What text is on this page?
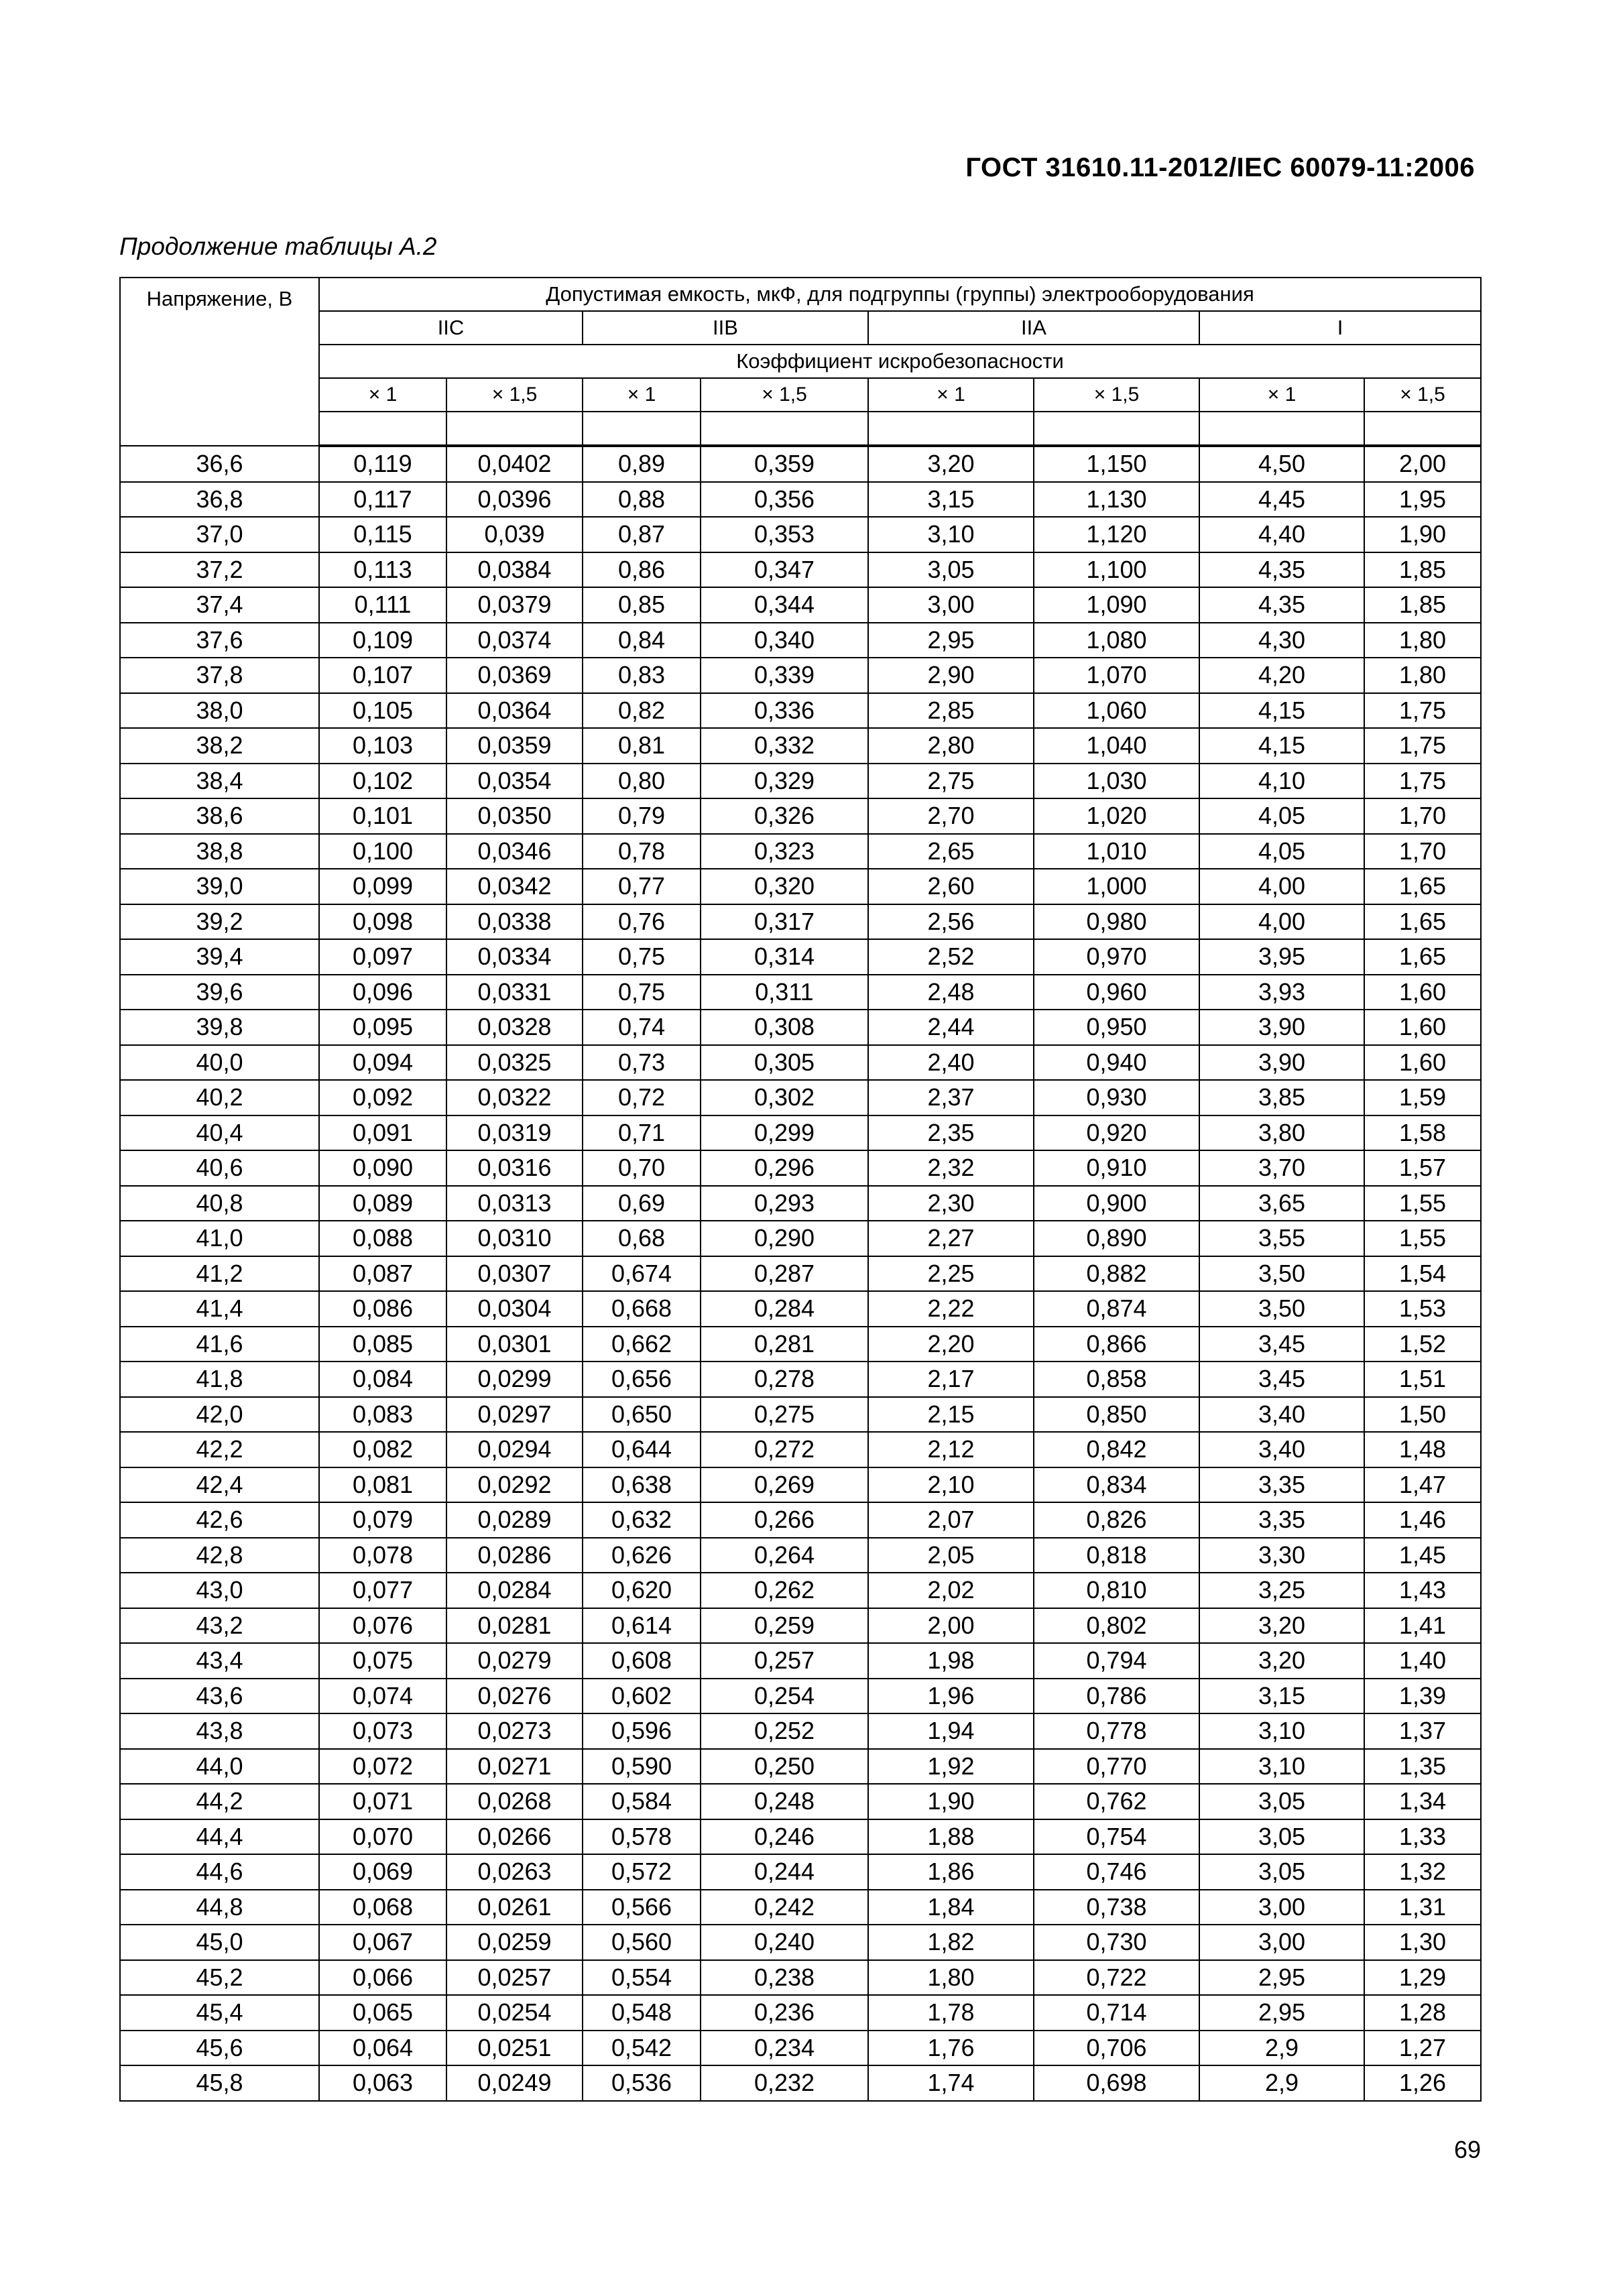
ГОСТ 31610.11-2012/IEC 60079-11:2006
Продолжение таблицы А.2
Напряжение, В	Допустимая емкость, мкФ, для подгруппы (группы) электрооборудования							
	IIC		IIB		IIA		I	
	Коэффициент искробезопасности							
	× 1	× 1,5	× 1	× 1,5	× 1	× 1,5	× 1	× 1,5

36,6	0,119	0,0402	0,89	0,359	3,20	1,150	4,50	2,00
36,8	0,117	0,0396	0,88	0,356	3,15	1,130	4,45	1,95
37,0	0,115	0,039	0,87	0,353	3,10	1,120	4,40	1,90
37,2	0,113	0,0384	0,86	0,347	3,05	1,100	4,35	1,85
37,4	0,111	0,0379	0,85	0,344	3,00	1,090	4,35	1,85
37,6	0,109	0,0374	0,84	0,340	2,95	1,080	4,30	1,80
37,8	0,107	0,0369	0,83	0,339	2,90	1,070	4,20	1,80
38,0	0,105	0,0364	0,82	0,336	2,85	1,060	4,15	1,75
38,2	0,103	0,0359	0,81	0,332	2,80	1,040	4,15	1,75
38,4	0,102	0,0354	0,80	0,329	2,75	1,030	4,10	1,75
38,6	0,101	0,0350	0,79	0,326	2,70	1,020	4,05	1,70
38,8	0,100	0,0346	0,78	0,323	2,65	1,010	4,05	1,70
39,0	0,099	0,0342	0,77	0,320	2,60	1,000	4,00	1,65
39,2	0,098	0,0338	0,76	0,317	2,56	0,980	4,00	1,65
39,4	0,097	0,0334	0,75	0,314	2,52	0,970	3,95	1,65
39,6	0,096	0,0331	0,75	0,311	2,48	0,960	3,93	1,60
39,8	0,095	0,0328	0,74	0,308	2,44	0,950	3,90	1,60
40,0	0,094	0,0325	0,73	0,305	2,40	0,940	3,90	1,60
40,2	0,092	0,0322	0,72	0,302	2,37	0,930	3,85	1,59
40,4	0,091	0,0319	0,71	0,299	2,35	0,920	3,80	1,58
40,6	0,090	0,0316	0,70	0,296	2,32	0,910	3,70	1,57
40,8	0,089	0,0313	0,69	0,293	2,30	0,900	3,65	1,55
41,0	0,088	0,0310	0,68	0,290	2,27	0,890	3,55	1,55
41,2	0,087	0,0307	0,674	0,287	2,25	0,882	3,50	1,54
41,4	0,086	0,0304	0,668	0,284	2,22	0,874	3,50	1,53
41,6	0,085	0,0301	0,662	0,281	2,20	0,866	3,45	1,52
41,8	0,084	0,0299	0,656	0,278	2,17	0,858	3,45	1,51
42,0	0,083	0,0297	0,650	0,275	2,15	0,850	3,40	1,50
42,2	0,082	0,0294	0,644	0,272	2,12	0,842	3,40	1,48
42,4	0,081	0,0292	0,638	0,269	2,10	0,834	3,35	1,47
42,6	0,079	0,0289	0,632	0,266	2,07	0,826	3,35	1,46
42,8	0,078	0,0286	0,626	0,264	2,05	0,818	3,30	1,45
43,0	0,077	0,0284	0,620	0,262	2,02	0,810	3,25	1,43
43,2	0,076	0,0281	0,614	0,259	2,00	0,802	3,20	1,41
43,4	0,075	0,0279	0,608	0,257	1,98	0,794	3,20	1,40
43,6	0,074	0,0276	0,602	0,254	1,96	0,786	3,15	1,39
43,8	0,073	0,0273	0,596	0,252	1,94	0,778	3,10	1,37
44,0	0,072	0,0271	0,590	0,250	1,92	0,770	3,10	1,35
44,2	0,071	0,0268	0,584	0,248	1,90	0,762	3,05	1,34
44,4	0,070	0,0266	0,578	0,246	1,88	0,754	3,05	1,33
44,6	0,069	0,0263	0,572	0,244	1,86	0,746	3,05	1,32
44,8	0,068	0,0261	0,566	0,242	1,84	0,738	3,00	1,31
45,0	0,067	0,0259	0,560	0,240	1,82	0,730	3,00	1,30
45,2	0,066	0,0257	0,554	0,238	1,80	0,722	2,95	1,29
45,4	0,065	0,0254	0,548	0,236	1,78	0,714	2,95	1,28
45,6	0,064	0,0251	0,542	0,234	1,76	0,706	2,9	1,27
45,8	0,063	0,0249	0,536	0,232	1,74	0,698	2,9	1,26
69
